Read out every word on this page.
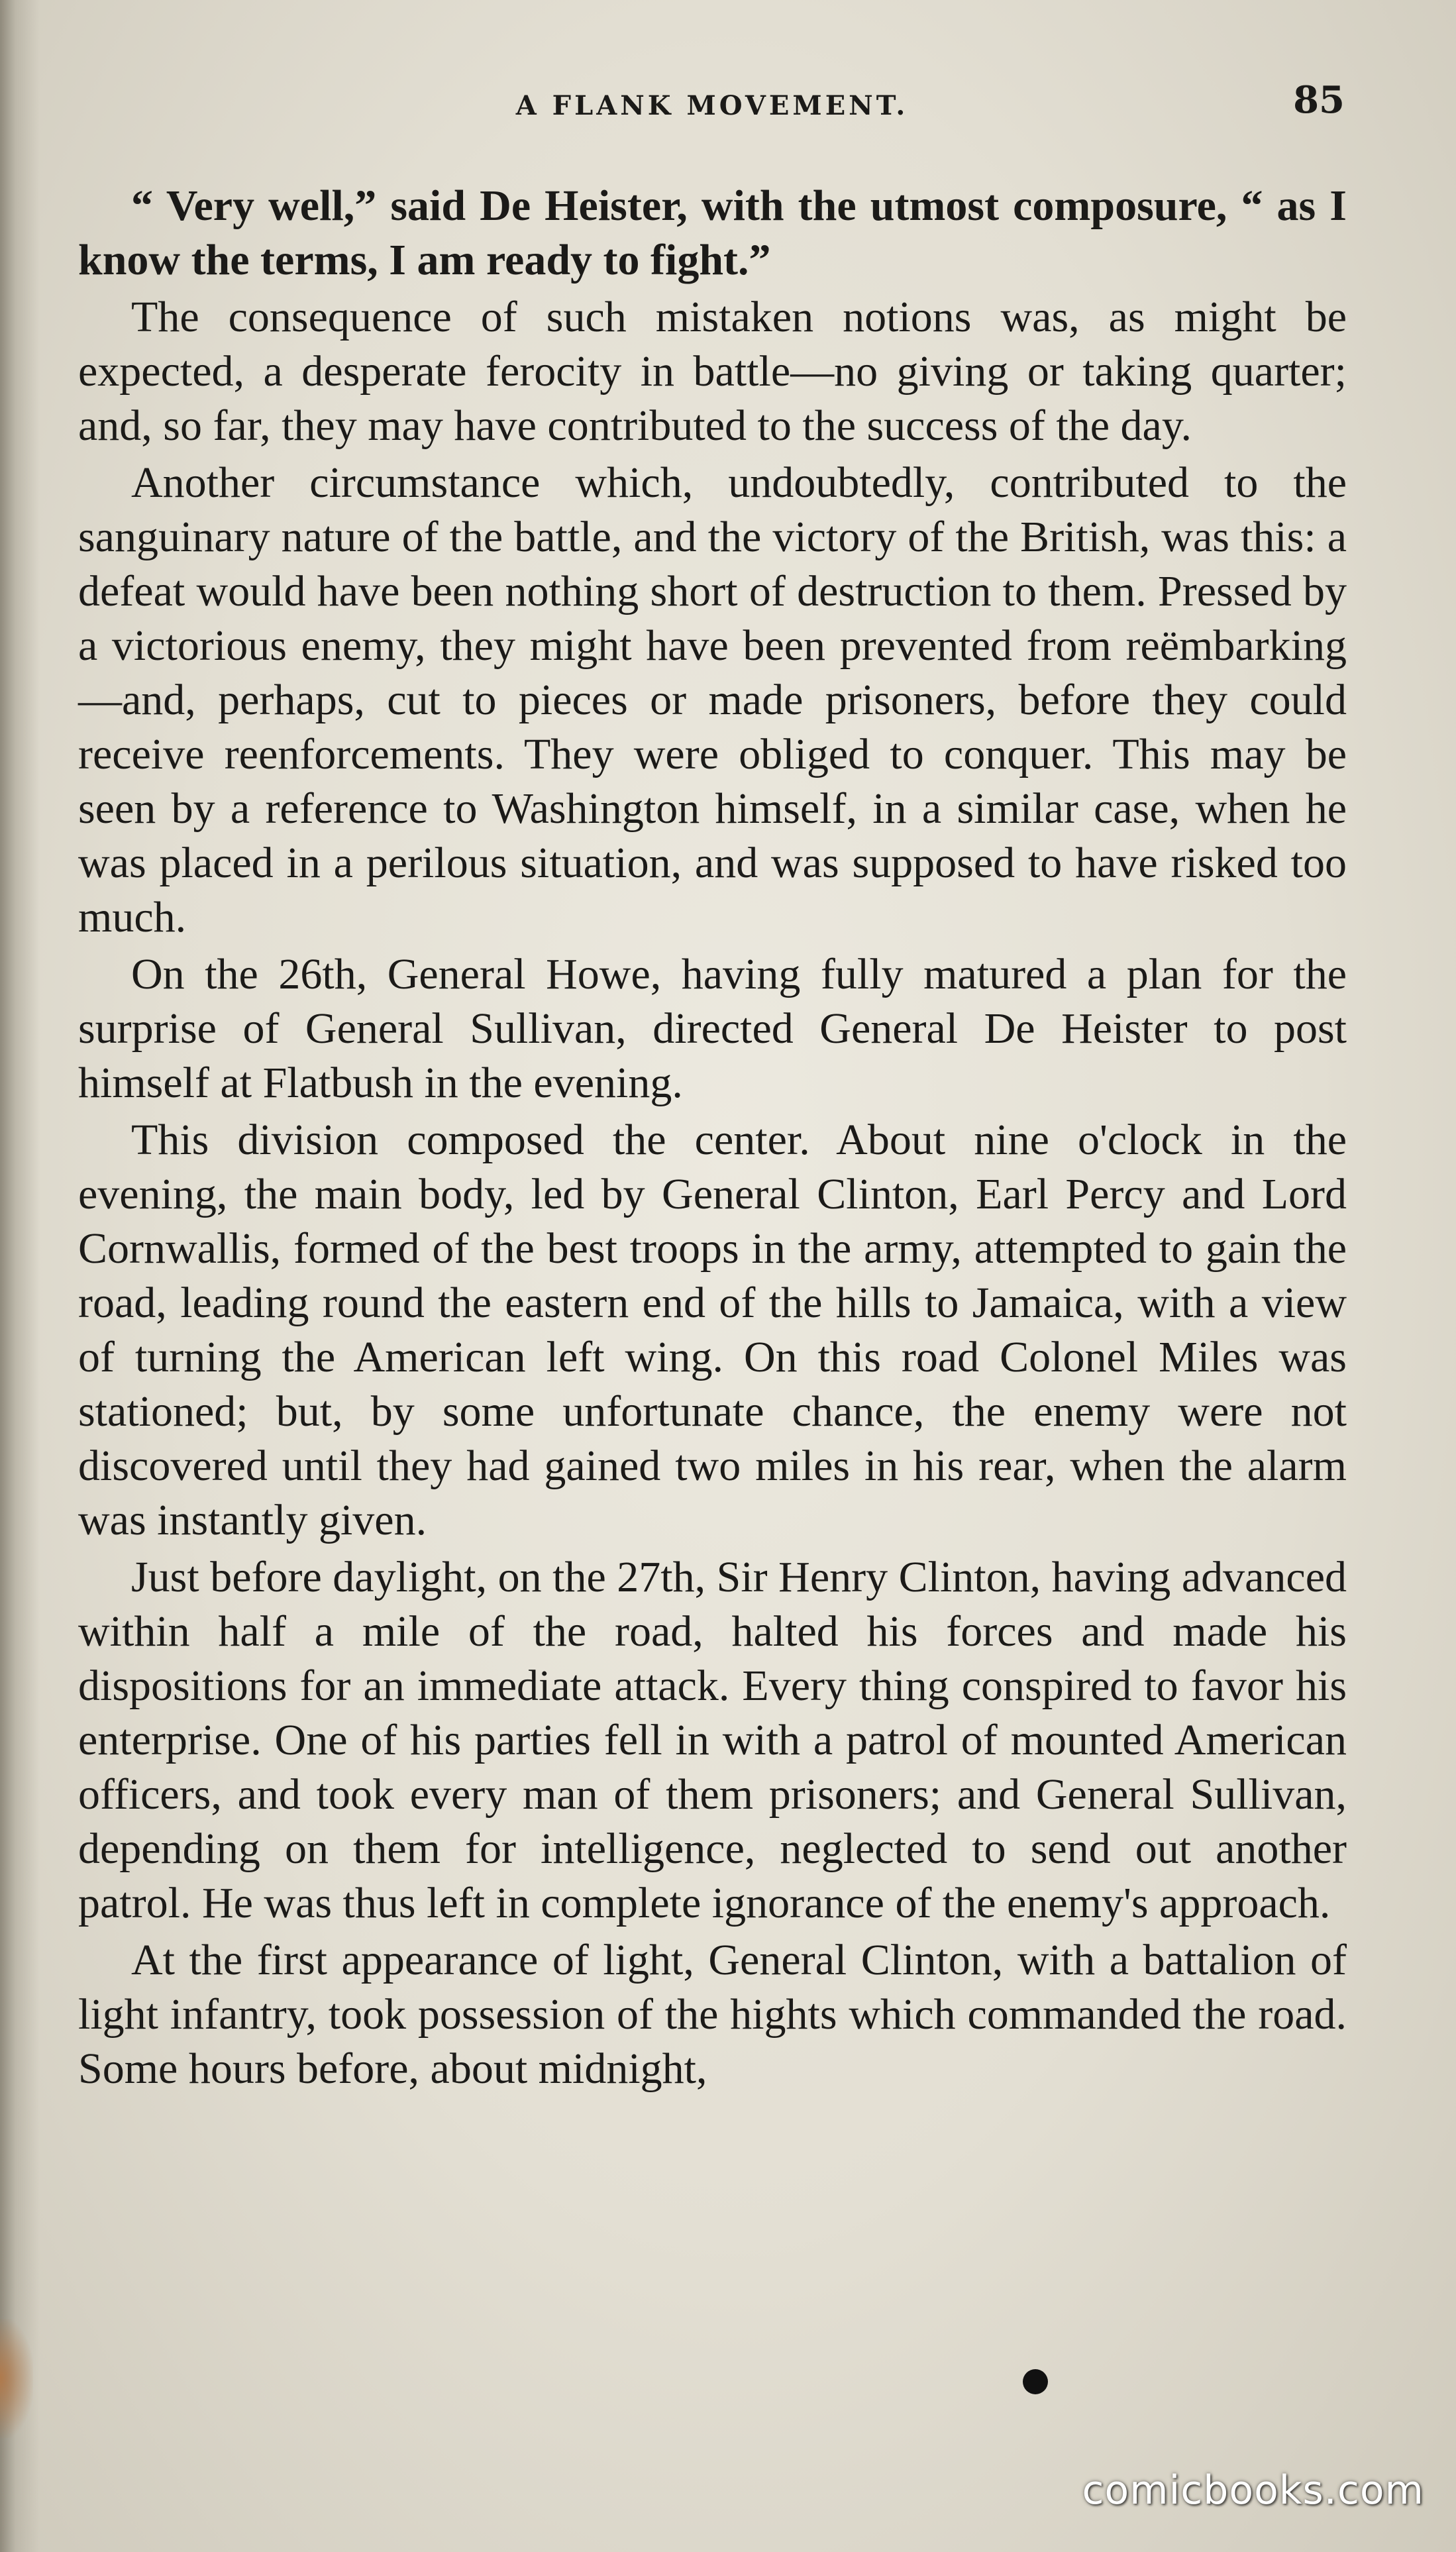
A FLANK MOVEMENT.	85

“ Very well,” said De Heister, with the utmost composure, “ as I know the terms, I am ready to fight.”

The consequence of such mistaken notions was, as might be expected, a desperate ferocity in battle—no giving or taking quarter; and, so far, they may have contributed to the success of the day.

Another circumstance which, undoubtedly, contributed to the sanguinary nature of the battle, and the victory of the British, was this: a defeat would have been nothing short of destruction to them. Pressed by a victorious enemy, they might have been prevented from reëmbarking—and, perhaps, cut to pieces or made prisoners, before they could receive reenforcements. They were obliged to conquer. This may be seen by a reference to Washington himself, in a similar case, when he was placed in a perilous situation, and was supposed to have risked too much.

On the 26th, General Howe, having fully matured a plan for the surprise of General Sullivan, directed General De Heister to post himself at Flatbush in the evening.

This division composed the center. About nine o'clock in the evening, the main body, led by General Clinton, Earl Percy and Lord Cornwallis, formed of the best troops in the army, attempted to gain the road, leading round the eastern end of the hills to Jamaica, with a view of turning the American left wing. On this road Colonel Miles was stationed; but, by some unfortunate chance, the enemy were not discovered until they had gained two miles in his rear, when the alarm was instantly given.

Just before daylight, on the 27th, Sir Henry Clinton, having advanced within half a mile of the road, halted his forces and made his dispositions for an immediate attack. Every thing conspired to favor his enterprise. One of his parties fell in with a patrol of mounted American officers, and took every man of them prisoners; and General Sullivan, depending on them for intelligence, neglected to send out another patrol. He was thus left in complete ignorance of the enemy's approach.

At the first appearance of light, General Clinton, with a battalion of light infantry, took possession of the hights which commanded the road. Some hours before, about midnight,

comicbooks.com
